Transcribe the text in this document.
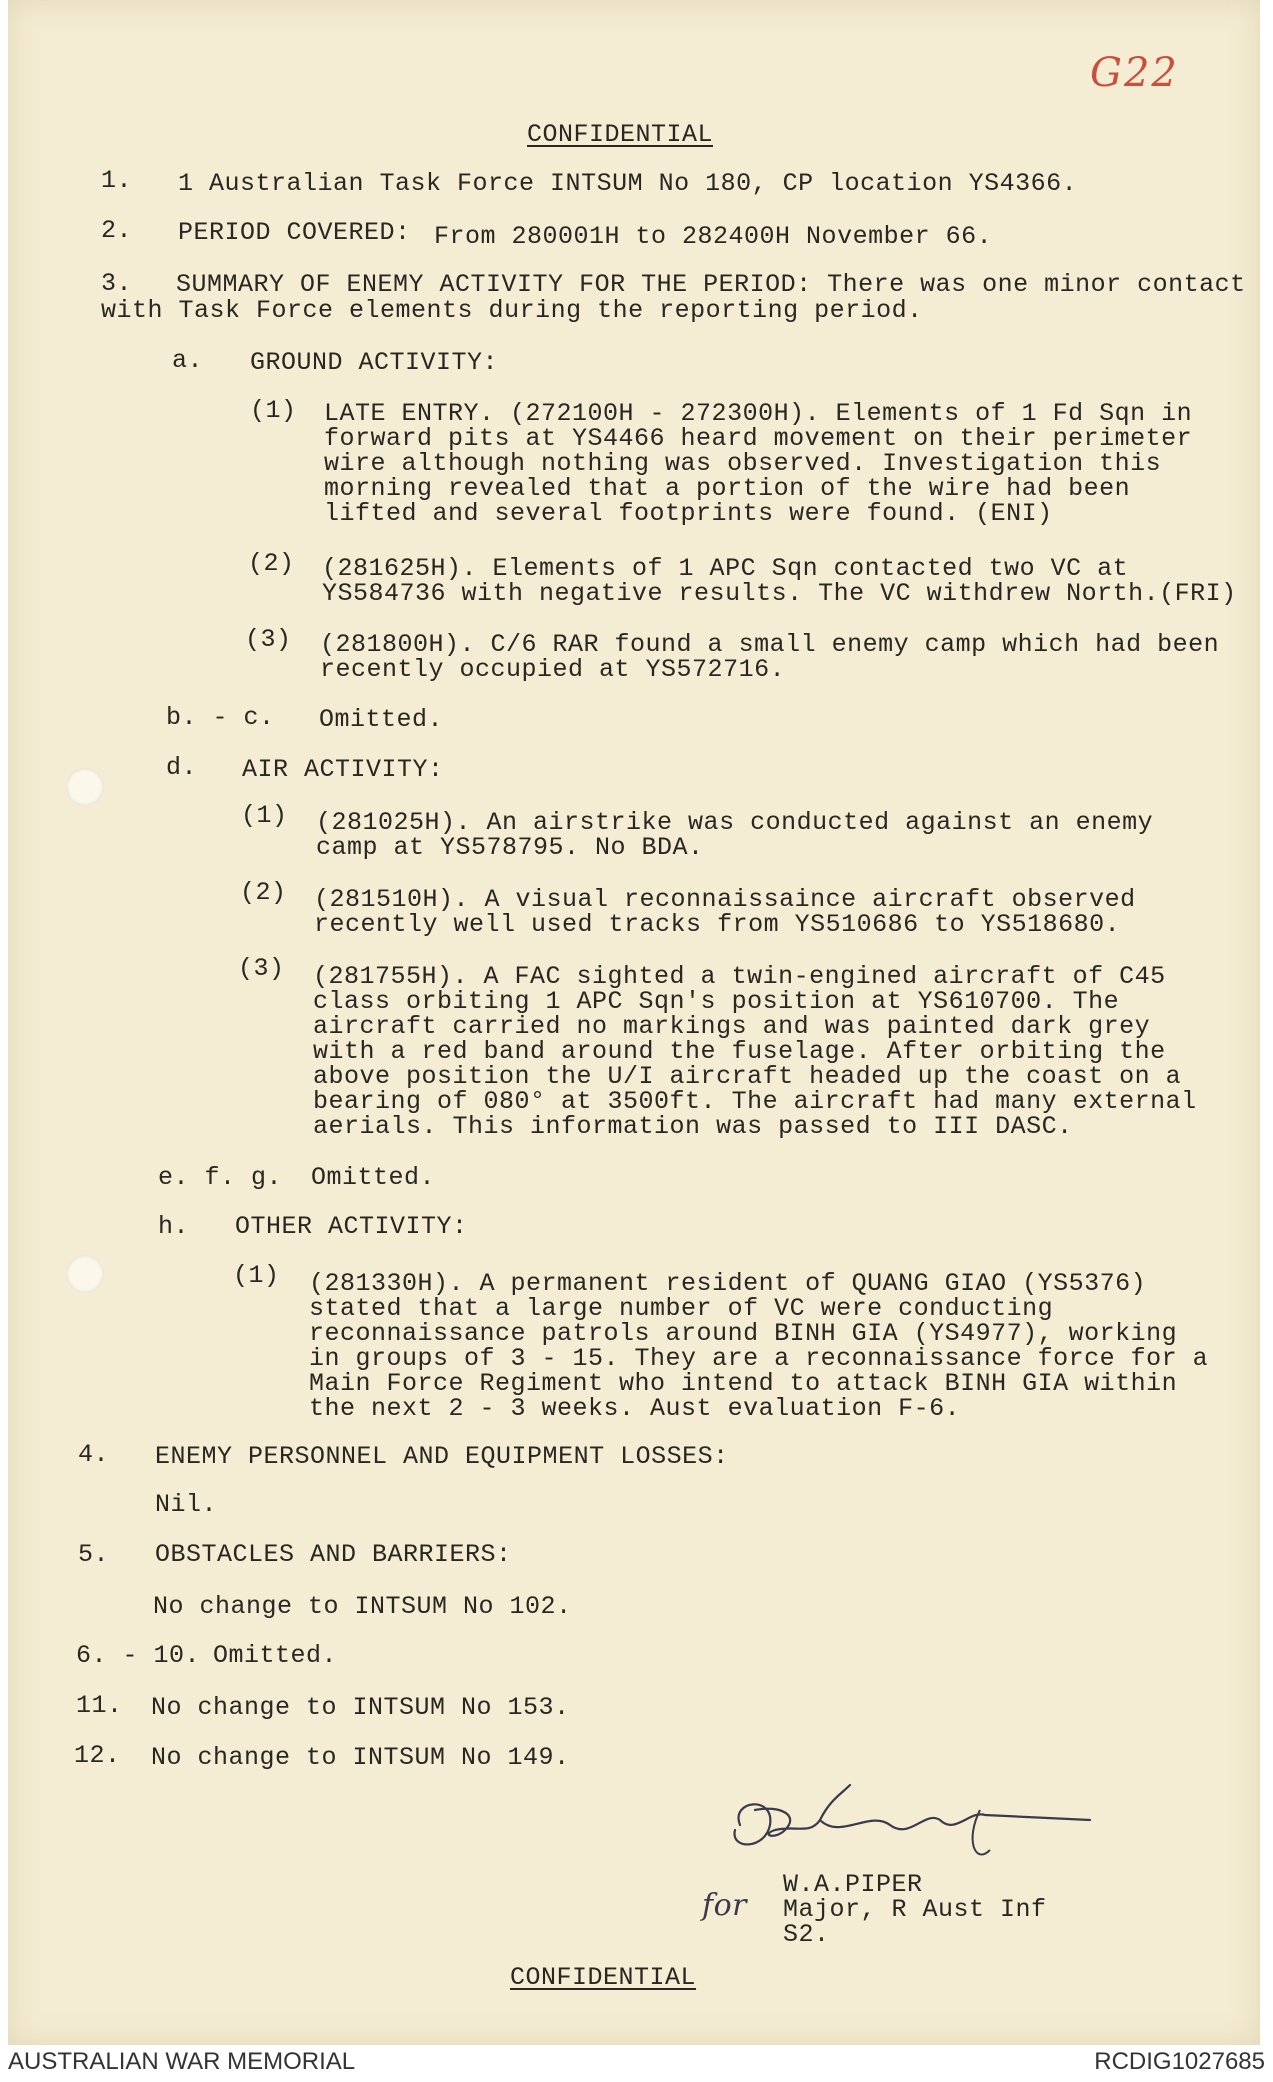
G22
CONFIDENTIAL
1. 1 Australian Task Force INTSUM No 180, CP location YS4366.
2. PERIOD COVERED: From 280001H to 282400H November 66.
3. SUMMARY OF ENEMY ACTIVITY FOR THE PERIOD: There was one minor contact
with Task Force elements during the reporting period.
a. GROUND ACTIVITY:
(1) LATE ENTRY. (272100H - 272300H). Elements of 1 Fd Sqn in
forward pits at YS4466 heard movement on their perimeter
wire although nothing was observed. Investigation this
morning revealed that a portion of the wire had been
lifted and several footprints were found. (ENI)
(2) (281625H). Elements of 1 APC Sqn contacted two VC at
YS584736 with negative results. The VC withdrew North.(FRI)
(3) (281800H). C/6 RAR found a small enemy camp which had been
recently occupied at YS572716.
b. - c. Omitted.
d. AIR ACTIVITY:
(1) (281025H). An airstrike was conducted against an enemy
camp at YS578795. No BDA.
(2) (281510H). A visual reconnaissaince aircraft observed
recently well used tracks from YS510686 to YS518680.
(3) (281755H). A FAC sighted a twin-engined aircraft of C45
class orbiting 1 APC Sqn's position at YS610700. The
aircraft carried no markings and was painted dark grey
with a red band around the fuselage. After orbiting the
above position the U/I aircraft headed up the coast on a
bearing of 080° at 3500ft. The aircraft had many external
aerials. This information was passed to III DASC.
e. f. g. Omitted.
h. OTHER ACTIVITY:
(1) (281330H). A permanent resident of QUANG GIAO (YS5376)
stated that a large number of VC were conducting
reconnaissance patrols around BINH GIA (YS4977), working
in groups of 3 - 15. They are a reconnaissance force for a
Main Force Regiment who intend to attack BINH GIA within
the next 2 - 3 weeks. Aust evaluation F-6.
4. ENEMY PERSONNEL AND EQUIPMENT LOSSES:
Nil.
5. OBSTACLES AND BARRIERS:
No change to INTSUM No 102.
6. - 10. Omitted.
11. No change to INTSUM No 153.
12. No change to INTSUM No 149.
for
W.A.PIPER
Major, R Aust Inf
S2.
CONFIDENTIAL
AUSTRALIAN WAR MEMORIAL	RCDIG1027685
